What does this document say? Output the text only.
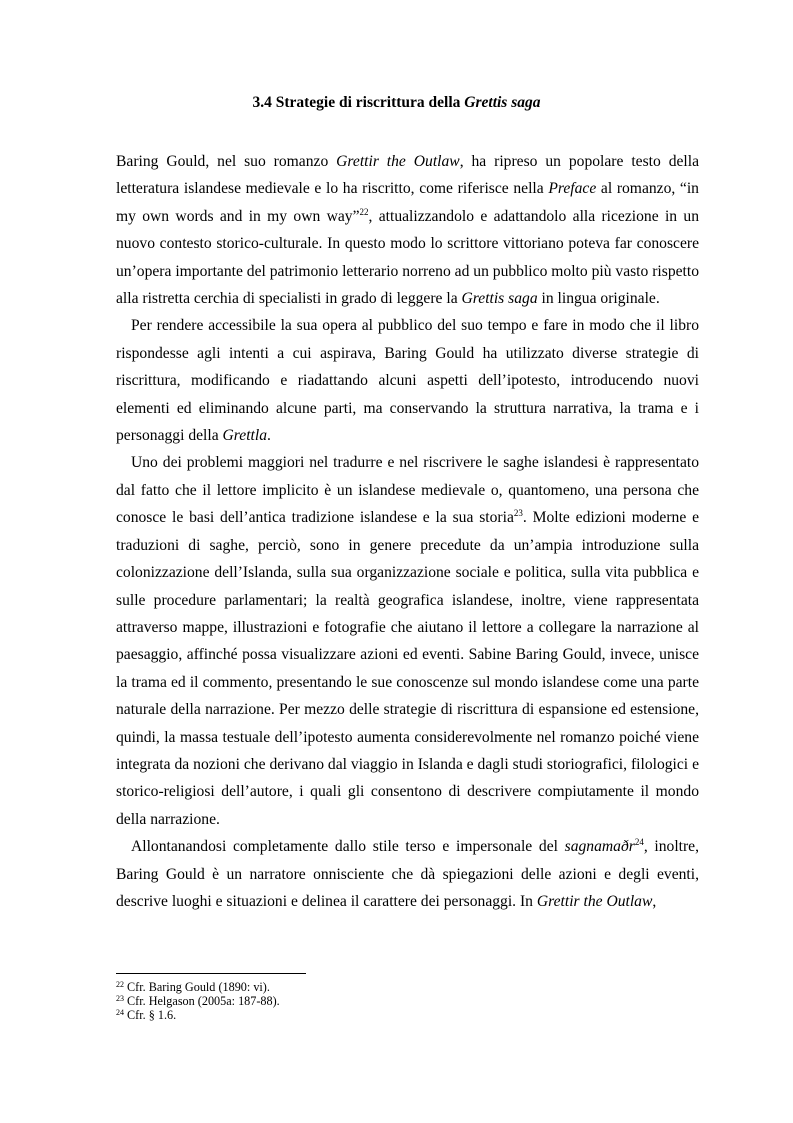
3.4 Strategie di riscrittura della Grettis saga

Baring Gould, nel suo romanzo Grettir the Outlaw, ha ripreso un popolare testo della letteratura islandese medievale e lo ha riscritto, come riferisce nella Preface al romanzo, “in my own words and in my own way”$^{22}$, attualizzandolo e adattandolo alla ricezione in un nuovo contesto storico-culturale. In questo modo lo scrittore vittoriano poteva far conoscere un’opera importante del patrimonio letterario norreno ad un pubblico molto più vasto rispetto alla ristretta cerchia di specialisti in grado di leggere la Grettis saga in lingua originale.

Per rendere accessibile la sua opera al pubblico del suo tempo e fare in modo che il libro rispondesse agli intenti a cui aspirava, Baring Gould ha utilizzato diverse strategie di riscrittura, modificando e riadattando alcuni aspetti dell’ipotesto, introducendo nuovi elementi ed eliminando alcune parti, ma conservando la struttura narrativa, la trama e i personaggi della Grettla.

Uno dei problemi maggiori nel tradurre e nel riscrivere le saghe islandesi è rappresentato dal fatto che il lettore implicito è un islandese medievale o, quantomeno, una persona che conosce le basi dell’antica tradizione islandese e la sua storia$^{23}$. Molte edizioni moderne e traduzioni di saghe, perciò, sono in genere precedute da un’ampia introduzione sulla colonizzazione dell’Islanda, sulla sua organizzazione sociale e politica, sulla vita pubblica e sulle procedure parlamentari; la realtà geografica islandese, inoltre, viene rappresentata attraverso mappe, illustrazioni e fotografie che aiutano il lettore a collegare la narrazione al paesaggio, affinché possa visualizzare azioni ed eventi. Sabine Baring Gould, invece, unisce la trama ed il commento, presentando le sue conoscenze sul mondo islandese come una parte naturale della narrazione. Per mezzo delle strategie di riscrittura di espansione ed estensione, quindi, la massa testuale dell’ipotesto aumenta considerevolmente nel romanzo poiché viene integrata da nozioni che derivano dal viaggio in Islanda e dagli studi storiografici, filologici e storico-religiosi dell’autore, i quali gli consentono di descrivere compiutamente il mondo della narrazione.

Allontanandosi completamente dallo stile terso e impersonale del sagnamaðr$^{24}$, inoltre, Baring Gould è un narratore onnisciente che dà spiegazioni delle azioni e degli eventi, descrive luoghi e situazioni e delinea il carattere dei personaggi. In Grettir the Outlaw,

$^{22}$ Cfr. Baring Gould (1890: vi).
$^{23}$ Cfr. Helgason (2005a: 187-88).
$^{24}$ Cfr. § 1.6.
